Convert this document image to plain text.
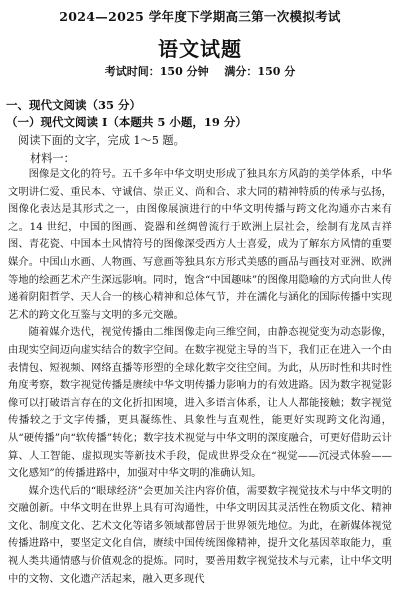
2024—2025 学年度下学期高三第一次模拟考试
语文试题
考试时间：150 分钟 满分：150 分
一、现代文阅读（35 分）
（一）现代文阅读 I（本题共 5 小题，19 分）
阅读下面的文字，完成 1～5 题。
材料一：

图像是文化的符号。五千多年中华文明史形成了独具东方风韵的美学体系，中华文明讲仁爱、重民本、守诚信、崇正义、尚和合、求大同的精神特质的传承与弘扬，图像化表达是其形式之一，由图像展演进行的中华文明传播与跨文化沟通亦古来有之。14 世纪，中国的图画、瓷器和丝绸曾流行于欧洲上层社会，绘制有龙凤吉祥图、青花瓷、中国本土风情符号的图像深受西方人士喜爱，成为了解东方风情的重要媒介。中国山水画、人物画、写意画等独具东方形式美感的画品与画技对亚洲、欧洲等地的绘画艺术产生深远影响。同时，饱含“中国趣味”的图像用隐喻的方式向世人传递着阴阳哲学、天人合一的核心精神和总体气节，并在濡化与涵化的国际传播中实现艺术的跨文化互鉴与文明的多元交融。

随着媒介迭代，视觉传播由二维图像走向三维空间，由静态视觉变为动态影像，由现实空间迈向虚实结合的数字空间。在数字视觉主导的当下，我们正在进入一个由表情包、短视频、网络直播等形塑的全球化数字交往空间。为此，从历时性和共时性角度考察，数字视觉传播是赓续中华文明传播力影响力的有效进路。因为数字视觉影像可以打破语言存在的文化折扣困境，进入多语言体系，让人人都能接触；数字视觉传播较之于文字传播，更具凝练性、具象性与直观性，能更好实现跨文化沟通，从“硬传播”向“软传播”转化；数字技术视觉与中华文明的深度融合，可更好借助云计算、人工智能、虚拟现实等新技术手段，促成世界受众在“视觉——沉浸式体验——文化感知”的传播进路中，加强对中华文明的准确认知。

媒介迭代后的“眼球经济”会更加关注内容价值，需要数字视觉技术与中华文明的交融创新。中华文明在世界上具有可沟通性，中华文明因其灵活性在物质文化、精神文化、制度文化、艺术文化等诸多领域都曾居于世界领先地位。为此，在新媒体视觉传播进路中，要坚定文化自信，赓续中国传统图像精神，提升文化基因萃取能力，重视人类共通情感与价值观念的提炼。同时，要善用数字视觉技术与元素，让中华文明中的文物、文化遗产活起来，融入更多现代
